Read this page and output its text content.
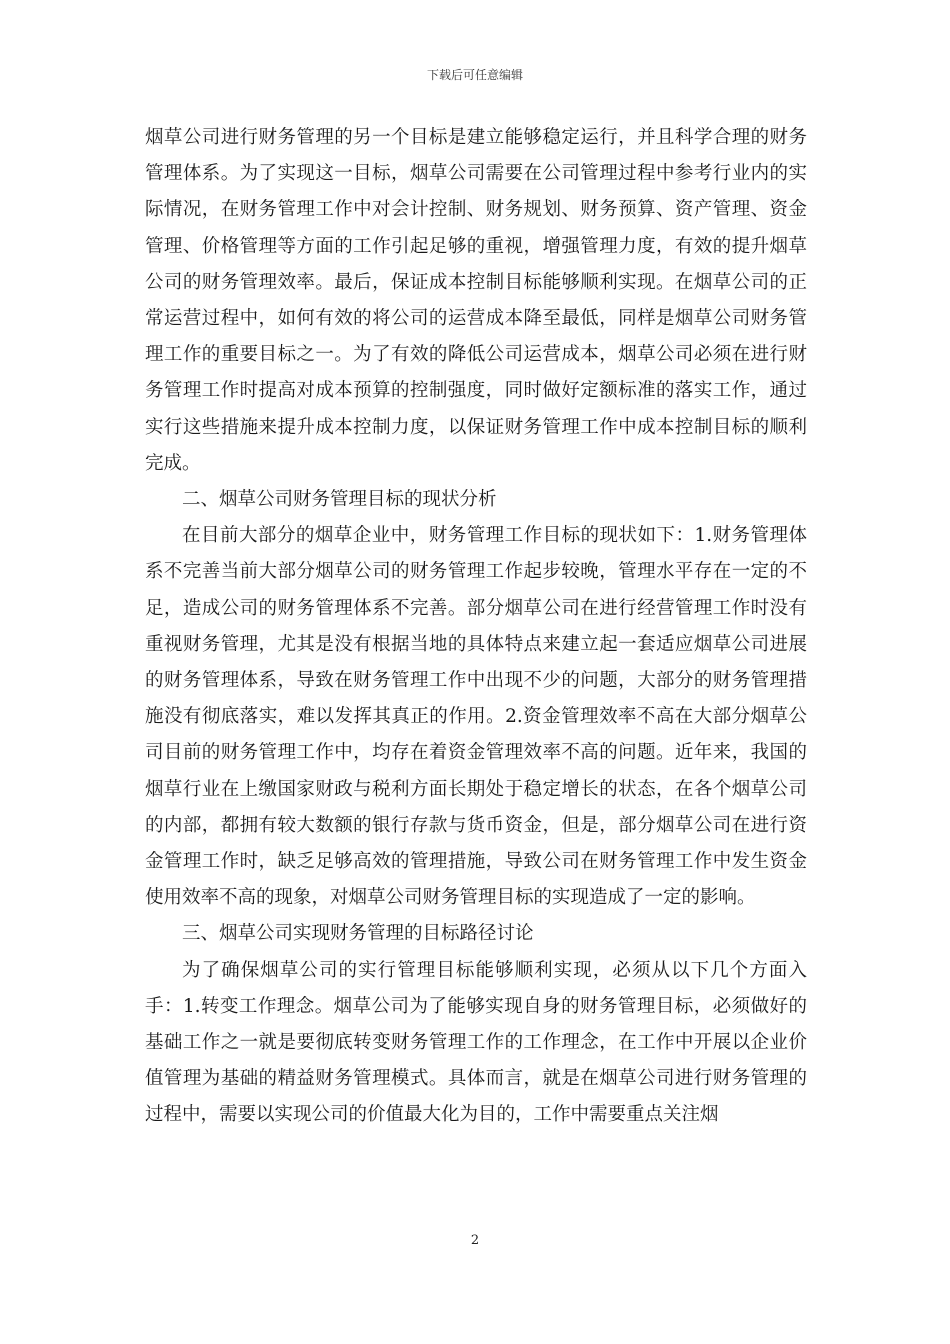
下载后可任意编辑

烟草公司进行财务管理的另一个目标是建立能够稳定运行，并且科学合理的财务管理体系。为了实现这一目标，烟草公司需要在公司管理过程中参考行业内的实际情况，在财务管理工作中对会计控制、财务规划、财务预算、资产管理、资金管理、价格管理等方面的工作引起足够的重视，增强管理力度，有效的提升烟草公司的财务管理效率。最后，保证成本控制目标能够顺利实现。在烟草公司的正常运营过程中，如何有效的将公司的运营成本降至最低，同样是烟草公司财务管理工作的重要目标之一。为了有效的降低公司运营成本，烟草公司必须在进行财务管理工作时提高对成本预算的控制强度，同时做好定额标准的落实工作，通过实行这些措施来提升成本控制力度，以保证财务管理工作中成本控制目标的顺利完成。

二、烟草公司财务管理目标的现状分析

在目前大部分的烟草企业中，财务管理工作目标的现状如下：1.财务管理体系不完善当前大部分烟草公司的财务管理工作起步较晚，管理水平存在一定的不足，造成公司的财务管理体系不完善。部分烟草公司在进行经营管理工作时没有重视财务管理，尤其是没有根据当地的具体特点来建立起一套适应烟草公司进展的财务管理体系，导致在财务管理工作中出现不少的问题，大部分的财务管理措施没有彻底落实，难以发挥其真正的作用。2.资金管理效率不高在大部分烟草公司目前的财务管理工作中，均存在着资金管理效率不高的问题。近年来，我国的烟草行业在上缴国家财政与税利方面长期处于稳定增长的状态，在各个烟草公司的内部，都拥有较大数额的银行存款与货币资金，但是，部分烟草公司在进行资金管理工作时，缺乏足够高效的管理措施，导致公司在财务管理工作中发生资金使用效率不高的现象，对烟草公司财务管理目标的实现造成了一定的影响。

三、烟草公司实现财务管理的目标路径讨论

为了确保烟草公司的实行管理目标能够顺利实现，必须从以下几个方面入手：1.转变工作理念。烟草公司为了能够实现自身的财务管理目标，必须做好的基础工作之一就是要彻底转变财务管理工作的工作理念，在工作中开展以企业价值管理为基础的精益财务管理模式。具体而言，就是在烟草公司进行财务管理的过程中，需要以实现公司的价值最大化为目的，工作中需要重点关注烟

2
